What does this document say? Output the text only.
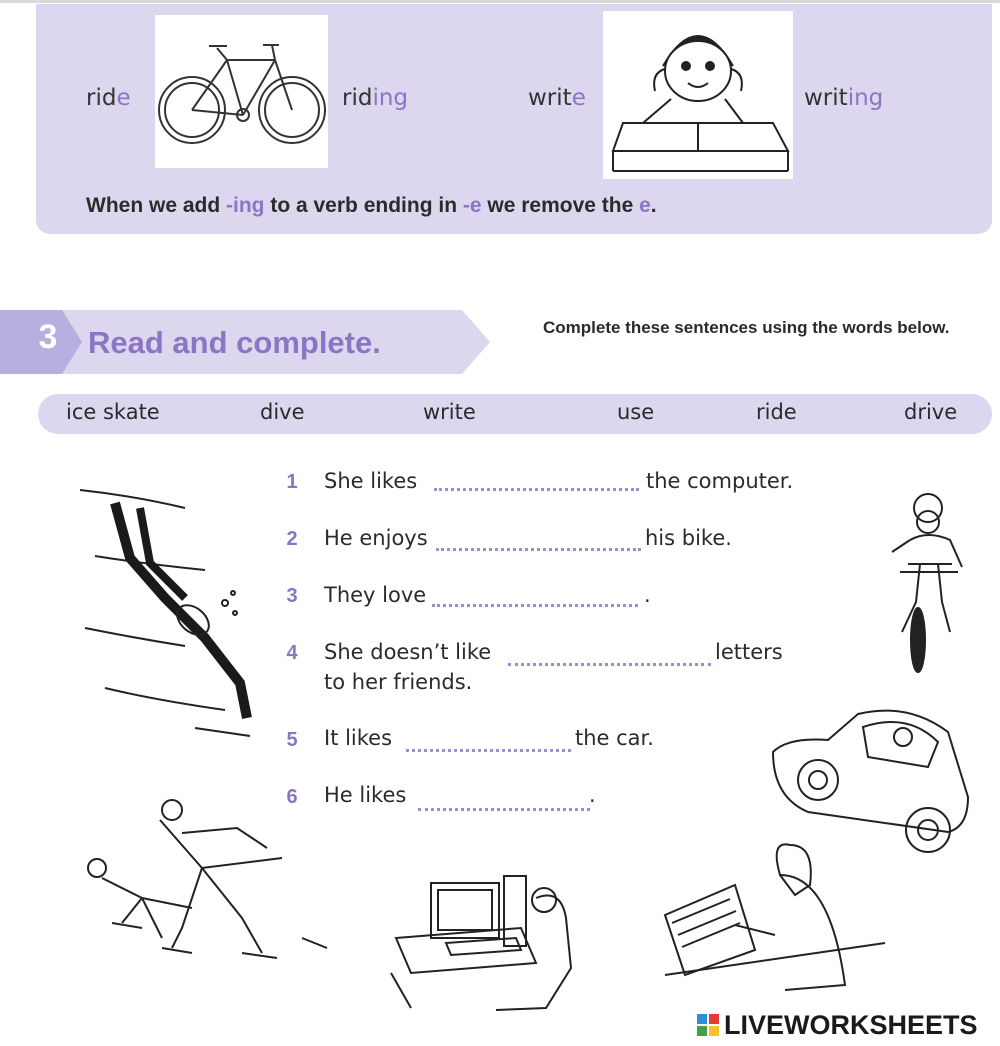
ride	riding	write	writing
When we add -ing to a verb ending in -e we remove the e.
3 Read and complete.	Complete these sentences using the words below.
ice skate	dive	write	use	ride	drive
1	She likes	the computer.
2	He enjoys	his bike.
3	They love	.
4	She doesn’t like	letters
to her friends.
5	It likes	the car.
6	He likes	.
LIVEWORKSHEETS
